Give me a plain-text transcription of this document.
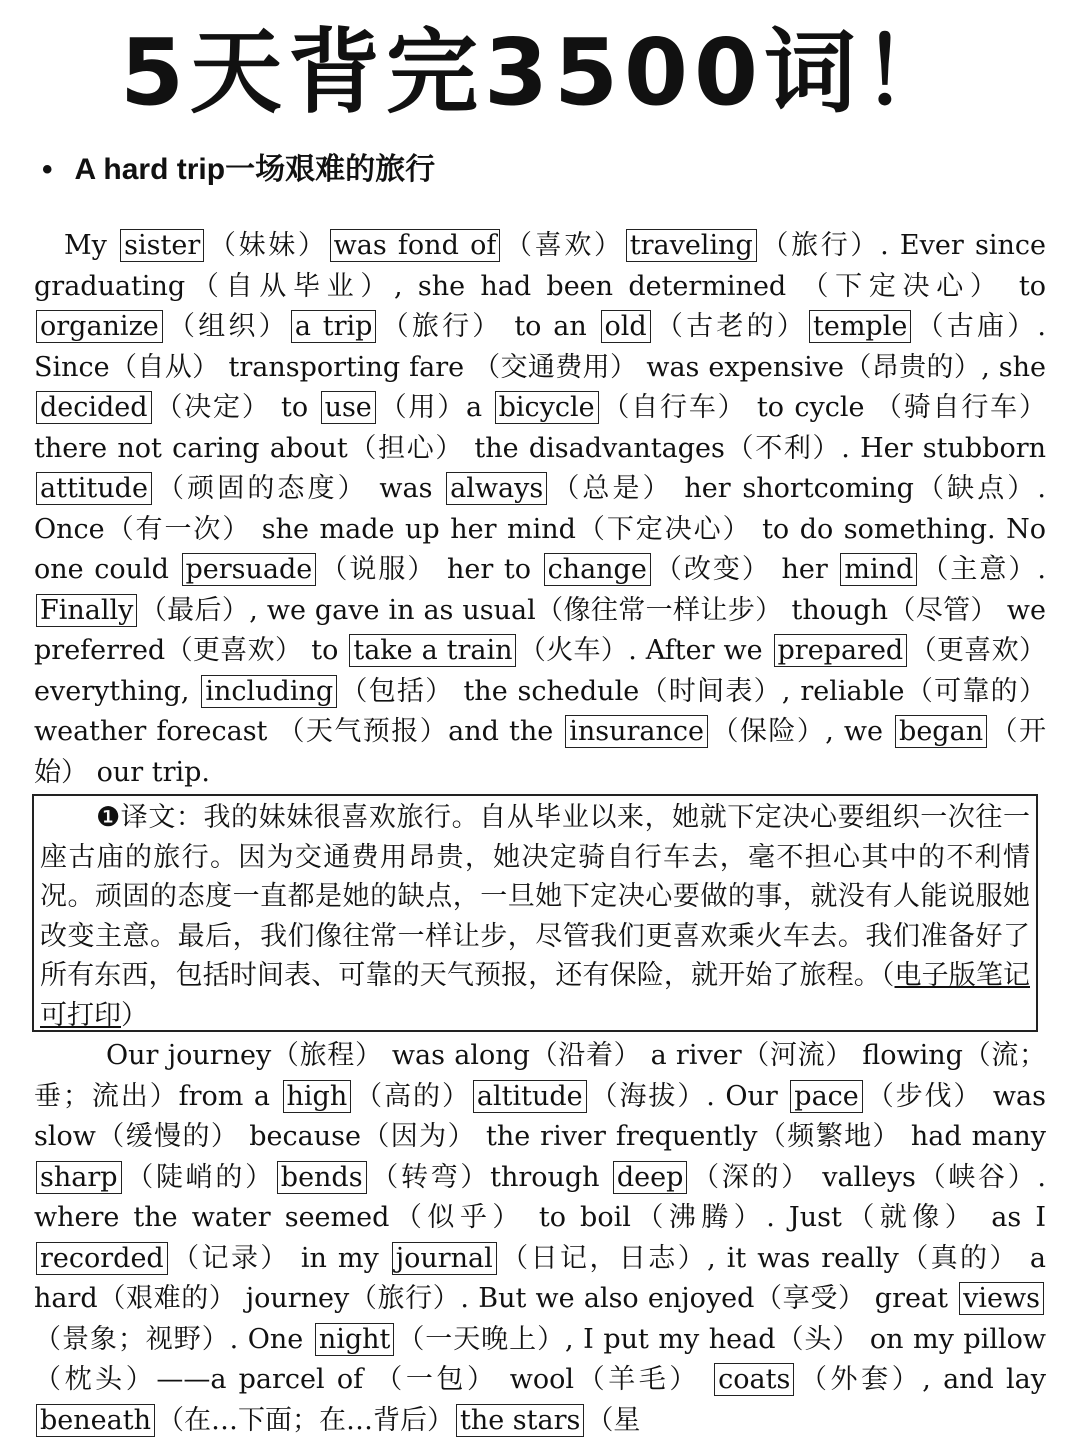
5天背完3500词！
• A hard trip一场艰难的旅行
My sister （妹妹） was fond of （喜欢） traveling （旅行）. Ever since graduating（自从毕业）, she had been determined （下定决心） to organize （组织） a trip （旅行） to an old （古老的） temple （古庙）. Since（自从） transporting fare （交通费用） was expensive（昂贵的）, she decided （决定） to use （用）a bicycle （自行车） to cycle （骑自行车） there not caring about（担心） the disadvantages（不利）. Her stubborn attitude （顽固的态度） was always （总是） her shortcoming（缺点）. Once（有一次） she made up her mind（下定决心） to do something. No one could persuade （说服） her to change （改变） her mind （主意）. Finally （最后）, we gave in as usual（像往常一样让步） though（尽管） we preferred（更喜欢） to take a train （火车）. After we prepared （更喜欢） everything, including （包括） the schedule（时间表）, reliable（可靠的） weather forecast （天气预报）and the insurance （保险）, we began （开始） our trip.
❶译文：我的妹妹很喜欢旅行。自从毕业以来，她就下定决心要组织一次往一座古庙的旅行。因为交通费用昂贵，她决定骑自行车去，毫不担心其中的不利情况。顽固的态度一直都是她的缺点，一旦她下定决心要做的事，就没有人能说服她改变主意。最后，我们像往常一样让步，尽管我们更喜欢乘火车去。我们准备好了所有东西，包括时间表、可靠的天气预报，还有保险，就开始了旅程。（电子版笔记可打印）
Our journey（旅程） was along（沿着） a river（河流） flowing（流；垂；流出）from a high （高的） altitude （海拔）. Our pace （步伐） was slow（缓慢的） because（因为） the river frequently（频繁地） had many sharp （陡峭的） bends （转弯）through deep （深的） valleys（峡谷）. where the water seemed（似乎） to boil（沸腾）. Just（就像） as I recorded （记录） in my journal （日记，日志）, it was really（真的） a hard（艰难的） journey（旅行）. But we also enjoyed（享受） great views（景象；视野）. One night （一天晚上）, I put my head（头） on my pillow（枕头）——a parcel of （一包） wool（羊毛） coats （外套）, and lay beneath （在…下面；在…背后） the stars （星
